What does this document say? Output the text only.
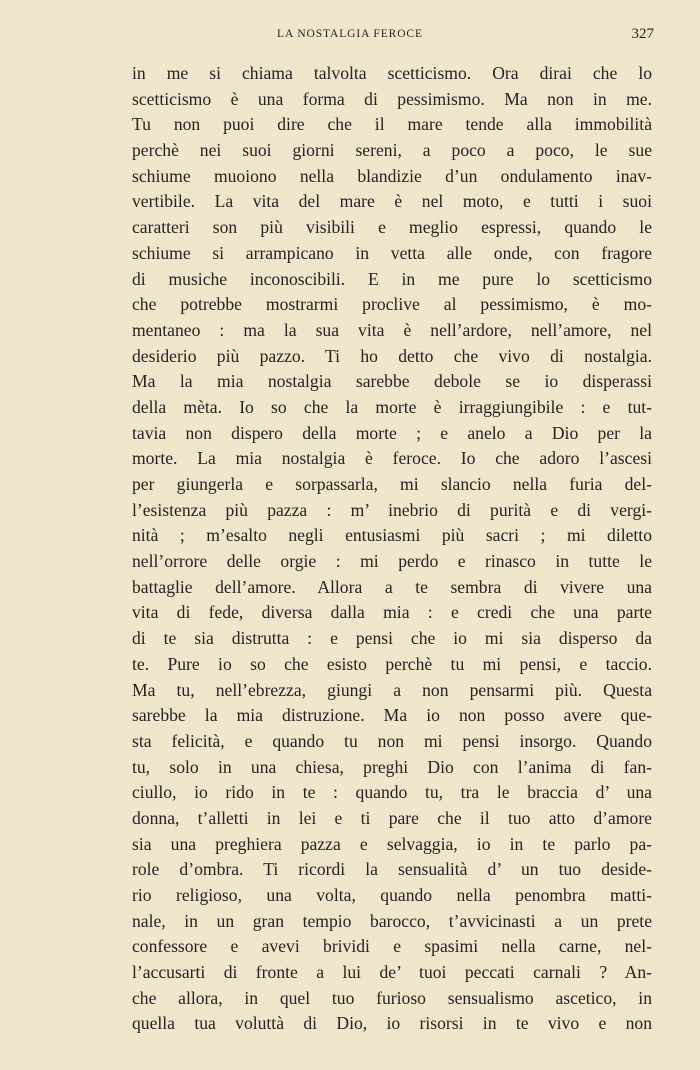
LA NOSTALGIA FEROCE	327
in me si chiama talvolta scetticismo. Ora dirai che lo
scetticismo è una forma di pessimismo. Ma non in me.
Tu non puoi dire che il mare tende alla immobilità
perchè nei suoi giorni sereni, a poco a poco, le sue
schiume muoiono nella blandizie d’un ondulamento inav-
vertibile. La vita del mare è nel moto, e tutti i suoi
caratteri son più visibili e meglio espressi, quando le
schiume si arrampicano in vetta alle onde, con fragore
di musiche inconoscibili. E in me pure lo scetticismo
che potrebbe mostrarmi proclive al pessimismo, è mo-
mentaneo : ma la sua vita è nell’ardore, nell’amore, nel
desiderio più pazzo. Ti ho detto che vivo di nostalgia.
Ma la mia nostalgia sarebbe debole se io disperassi
della mèta. Io so che la morte è irraggiungibile : e tut-
tavia non dispero della morte ; e anelo a Dio per la
morte. La mia nostalgia è feroce. Io che adoro l’ascesi
per giungerla e sorpassarla, mi slancio nella furia del-
l’esistenza più pazza : m’ inebrio di purità e di vergi-
nità ; m’esalto negli entusiasmi più sacri ; mi diletto
nell’orrore delle orgie : mi perdo e rinasco in tutte le
battaglie dell’amore. Allora a te sembra di vivere una
vita di fede, diversa dalla mia : e credi che una parte
di te sia distrutta : e pensi che io mi sia disperso da
te. Pure io so che esisto perchè tu mi pensi, e taccio.
Ma tu, nell’ebrezza, giungi a non pensarmi più. Questa
sarebbe la mia distruzione. Ma io non posso avere que-
sta felicità, e quando tu non mi pensi insorgo. Quando
tu, solo in una chiesa, preghi Dio con l’anima di fan-
ciullo, io rido in te : quando tu, tra le braccia d’ una
donna, t’alletti in lei e ti pare che il tuo atto d’amore
sia una preghiera pazza e selvaggia, io in te parlo pa-
role d’ombra. Ti ricordi la sensualità d’ un tuo deside-
rio religioso, una volta, quando nella penombra matti-
nale, in un gran tempio barocco, t’avvicinasti a un prete
confessore e avevi brividi e spasimi nella carne, nel-
l’accusarti di fronte a lui de’ tuoi peccati carnali ? An-
che allora, in quel tuo furioso sensualismo ascetico, in
quella tua voluttà di Dio, io risorsi in te vivo e non
